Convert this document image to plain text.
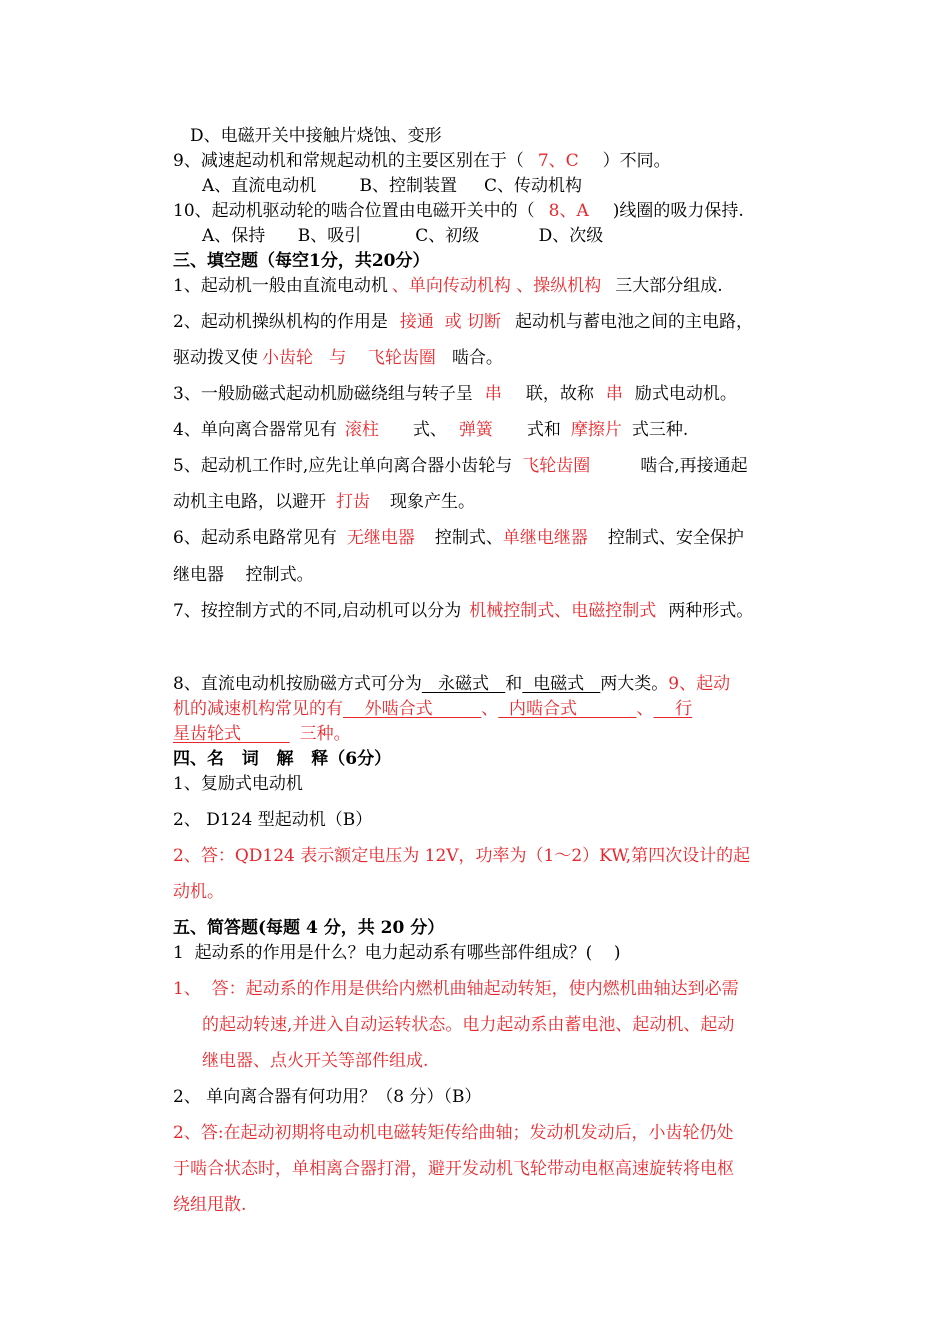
D、电磁开关中接触片烧蚀、变形
9、减速起动机和常规起动机的主要区别在于（ 7、C ）不同。
A、直流电动机        B、控制装置     C、传动机构
10、起动机驱动轮的啮合位置由电磁开关中的（ 8、A )线圈的吸力保持.
A、保持      B、吸引          C、初级           D、次级
三、填空题（每空1分，共20分）
1、起动机一般由直流电动机 、单向传动机构 、操纵机构 三大部分组成.
2、起动机操纵机构的作用是 接通  或 切断 起动机与蓄电池之间的主电路，
驱动拨叉使 小齿轮   与    飞轮齿圈 啮合。
3、一般励磁式起动机励磁绕组与转子呈 串 联，故称 串 励式电动机。
4、单向离合器常见有 滚柱 式、 弹簧 式和 摩擦片 式三种.
5、起动机工作时,应先让单向离合器小齿轮与 飞轮齿圈	啮合,再接通起
动机主电路，以避开 打齿 现象产生。
6、起动系电路常见有 无继电器 控制式、单继电继器 控制式、安全保护
继电器    控制式。
7、按控制方式的不同,启动机可以分为 机械控制式、电磁控制式 两种形式。
8、直流电动机按励磁方式可分为   永磁式   和  电磁式   两大类。9、起动
机的减速机构常见的有    外啮合式         、  内啮合式           、    行
星齿轮式	三种。
四、名   词   解   释（6分）
1、复励式电动机
2、 D124 型起动机（B）
2、答：QD124 表示额定电压为 12V，功率为（1～2）KW,第四次设计的起
动机。
五、简答题(每题 4 分，共 20 分）
1  起动系的作用是什么？电力起动系有哪些部件组成？(    )
1、  答：起动系的作用是供给内燃机曲轴起动转矩，使内燃机曲轴达到必需
的起动转速,并进入自动运转状态。电力起动系由蓄电池、起动机、起动
继电器、点火开关等部件组成.
2、 单向离合器有何功用？（8 分）（B）
2、答:在起动初期将电动机电磁转矩传给曲轴；发动机发动后，小齿轮仍处
于啮合状态时，单相离合器打滑，避开发动机飞轮带动电枢高速旋转将电枢
绕组甩散.
